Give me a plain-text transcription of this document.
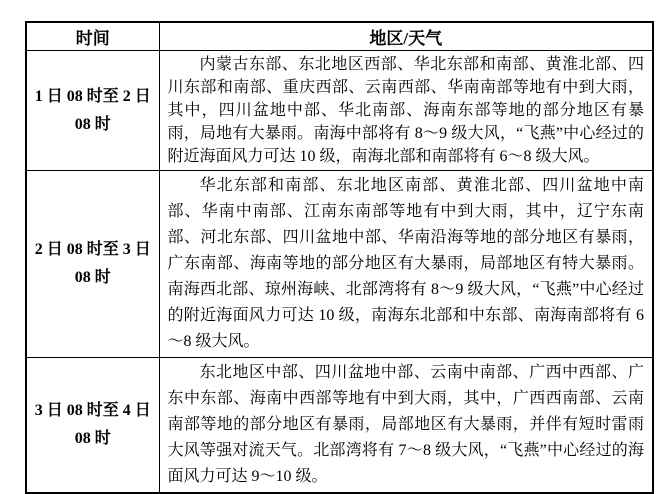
时间	地区/天气

1 日 08 时至 2 日
08 时	内蒙古东部、东北地区西部、华北东部和南部、黄淮北部、四川东部和南部、重庆西部、云南西部、华南南部等地有中到大雨，其中，四川盆地中部、华北南部、海南东部等地的部分地区有暴雨，局地有大暴雨。南海中部将有 8～9 级大风，“飞燕”中心经过的附近海面风力可达 10 级，南海北部和南部将有 6～8 级大风。

2 日 08 时至 3 日
08 时	华北东部和南部、东北地区南部、黄淮北部、四川盆地中南部、华南中南部、江南东南部等地有中到大雨，其中，辽宁东南部、河北东部、四川盆地中部、华南沿海等地的部分地区有暴雨，广东南部、海南等地的部分地区有大暴雨，局部地区有特大暴雨。南海西北部、琼州海峡、北部湾将有 8～9 级大风，“飞燕”中心经过的附近海面风力可达 10 级，南海东北部和中东部、南海南部将有 6～8 级大风。

3 日 08 时至 4 日
08 时	东北地区中部、四川盆地中部、云南中南部、广西中西部、广东中东部、海南中西部等地有中到大雨，其中，广西西南部、云南南部等地的部分地区有暴雨，局部地区有大暴雨，并伴有短时雷雨大风等强对流天气。北部湾将有 7～8 级大风，“飞燕”中心经过的海面风力可达 9～10 级。
